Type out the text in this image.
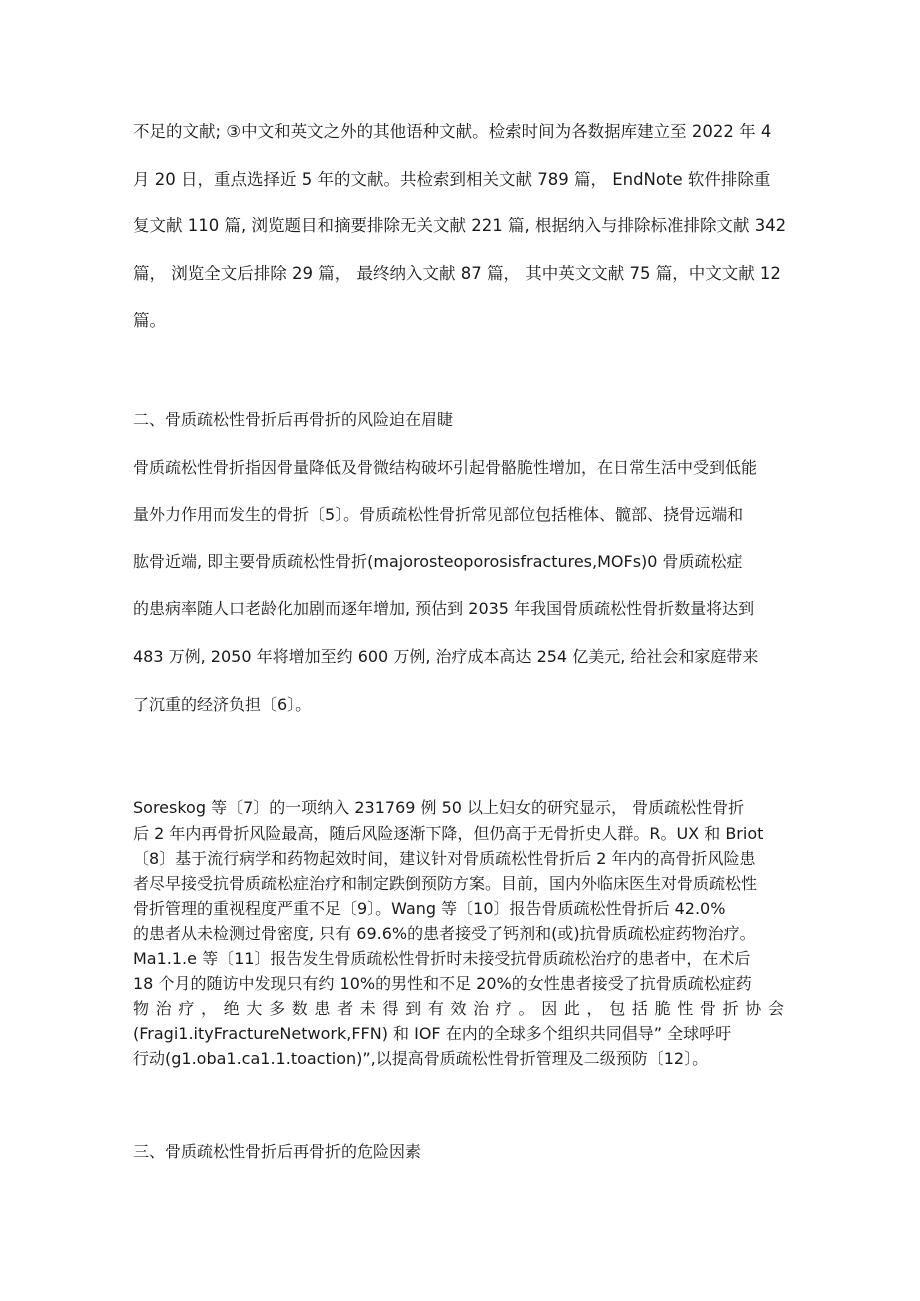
不足的文献; ③中文和英文之外的其他语种文献。检索时间为各数据库建立至 2022 年 4

月 20 日，重点选择近 5 年的文献。共检索到相关文献 789 篇， EndNote 软件排除重

复文献 110 篇, 浏览题目和摘要排除无关文献 221 篇, 根据纳入与排除标准排除文献 342

篇， 浏览全文后排除 29 篇， 最终纳入文献 87 篇， 其中英文文献 75 篇，中文文献 12

篇。

二、骨质疏松性骨折后再骨折的风险迫在眉睫

骨质疏松性骨折指因骨量降低及骨微结构破坏引起骨骼脆性增加，在日常生活中受到低能

量外力作用而发生的骨折〔5〕。骨质疏松性骨折常见部位包括椎体、髋部、挠骨远端和

肱骨近端, 即主要骨质疏松性骨折(majorosteoporosisfractures,MOFs)0 骨质疏松症

的患病率随人口老龄化加剧而逐年增加, 预估到 2035 年我国骨质疏松性骨折数量将达到

483 万例, 2050 年将增加至约 600 万例, 治疗成本高达 254 亿美元, 给社会和家庭带来

了沉重的经济负担〔6〕。

Soreskog 等〔7〕的一项纳入 231769 例 50 以上妇女的研究显示， 骨质疏松性骨折

后 2 年内再骨折风险最高，随后风险逐渐下降，但仍高于无骨折史人群。R。UX 和 Briot

〔8〕基于流行病学和药物起效时间，建议针对骨质疏松性骨折后 2 年内的高骨折风险患

者尽早接受抗骨质疏松症治疗和制定跌倒预防方案。目前，国内外临床医生对骨质疏松性

骨折管理的重视程度严重不足〔9〕。Wang 等〔10〕报告骨质疏松性骨折后 42.0%

的患者从未检测过骨密度, 只有 69.6%的患者接受了钙剂和(或)抗骨质疏松症药物治疗。

Ma1.1.e 等〔11〕报告发生骨质疏松性骨折时未接受抗骨质疏松治疗的患者中，在术后

18 个月的随访中发现只有约 10%的男性和不足 20%的女性患者接受了抗骨质疏松症药

物治疗，绝大多数患者未得到有效治疗。因此，包括脆性骨折协会

(Fragi1.ityFractureNetwork,FFN) 和 IOF 在内的全球多个组织共同倡导” 全球呼吁

行动(g1.oba1.ca1.1.toaction)”,以提高骨质疏松性骨折管理及二级预防〔12〕。

三、骨质疏松性骨折后再骨折的危险因素
